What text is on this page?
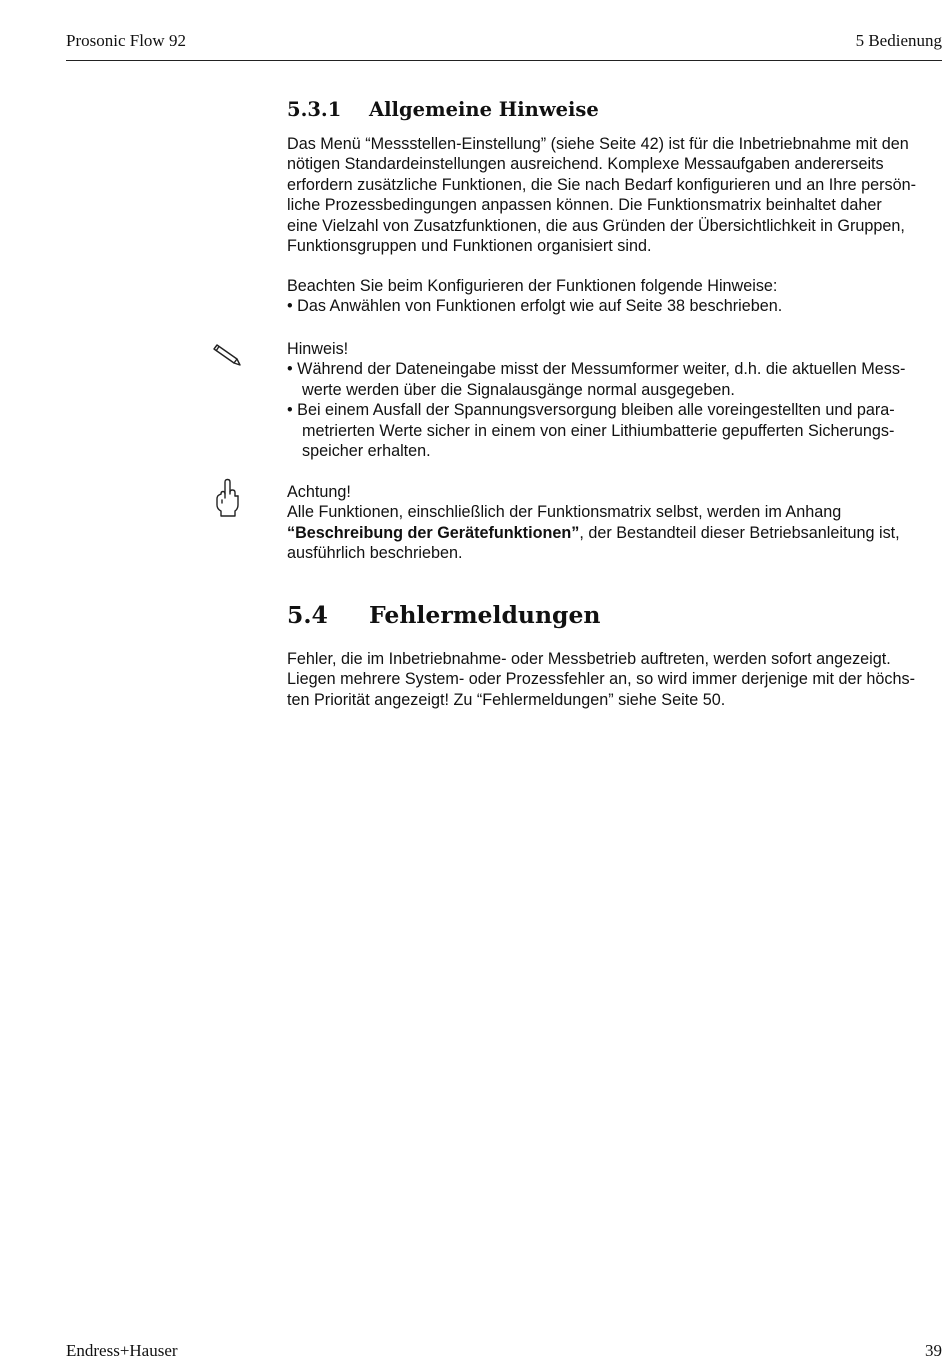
Prosonic Flow 92	5 Bedienung
5.3.1 Allgemeine Hinweise

Das Menü “Messstellen-Einstellung” (siehe Seite 42) ist für die Inbetriebnahme mit den

nötigen Standardeinstellungen ausreichend. Komplexe Messaufgaben andererseits

erfordern zusätzliche Funktionen, die Sie nach Bedarf konfigurieren und an Ihre persön-

liche Prozessbedingungen anpassen können. Die Funktionsmatrix beinhaltet daher

eine Vielzahl von Zusatzfunktionen, die aus Gründen der Übersichtlichkeit in Gruppen,

Funktionsgruppen und Funktionen organisiert sind.

Beachten Sie beim Konfigurieren der Funktionen folgende Hinweise:

• Das Anwählen von Funktionen erfolgt wie auf Seite 38 beschrieben.

Hinweis!

• Während der Dateneingabe misst der Messumformer weiter, d.h. die aktuellen Mess-
werte werden über die Signalausgänge normal ausgegeben.

• Bei einem Ausfall der Spannungsversorgung bleiben alle voreingestellten und para-
metrierten Werte sicher in einem von einer Lithiumbatterie gepufferten Sicherungs-
speicher erhalten.

Achtung!

Alle Funktionen, einschließlich der Funktionsmatrix selbst, werden im Anhang

“Beschreibung der Gerätefunktionen”, der Bestandteil dieser Betriebsanleitung ist,

ausführlich beschrieben.

5.4 Fehlermeldungen

Fehler, die im Inbetriebnahme- oder Messbetrieb auftreten, werden sofort angezeigt.

Liegen mehrere System- oder Prozessfehler an, so wird immer derjenige mit der höchs-

ten Priorität angezeigt! Zu “Fehlermeldungen” siehe Seite 50.

Endress+Hauser	39
